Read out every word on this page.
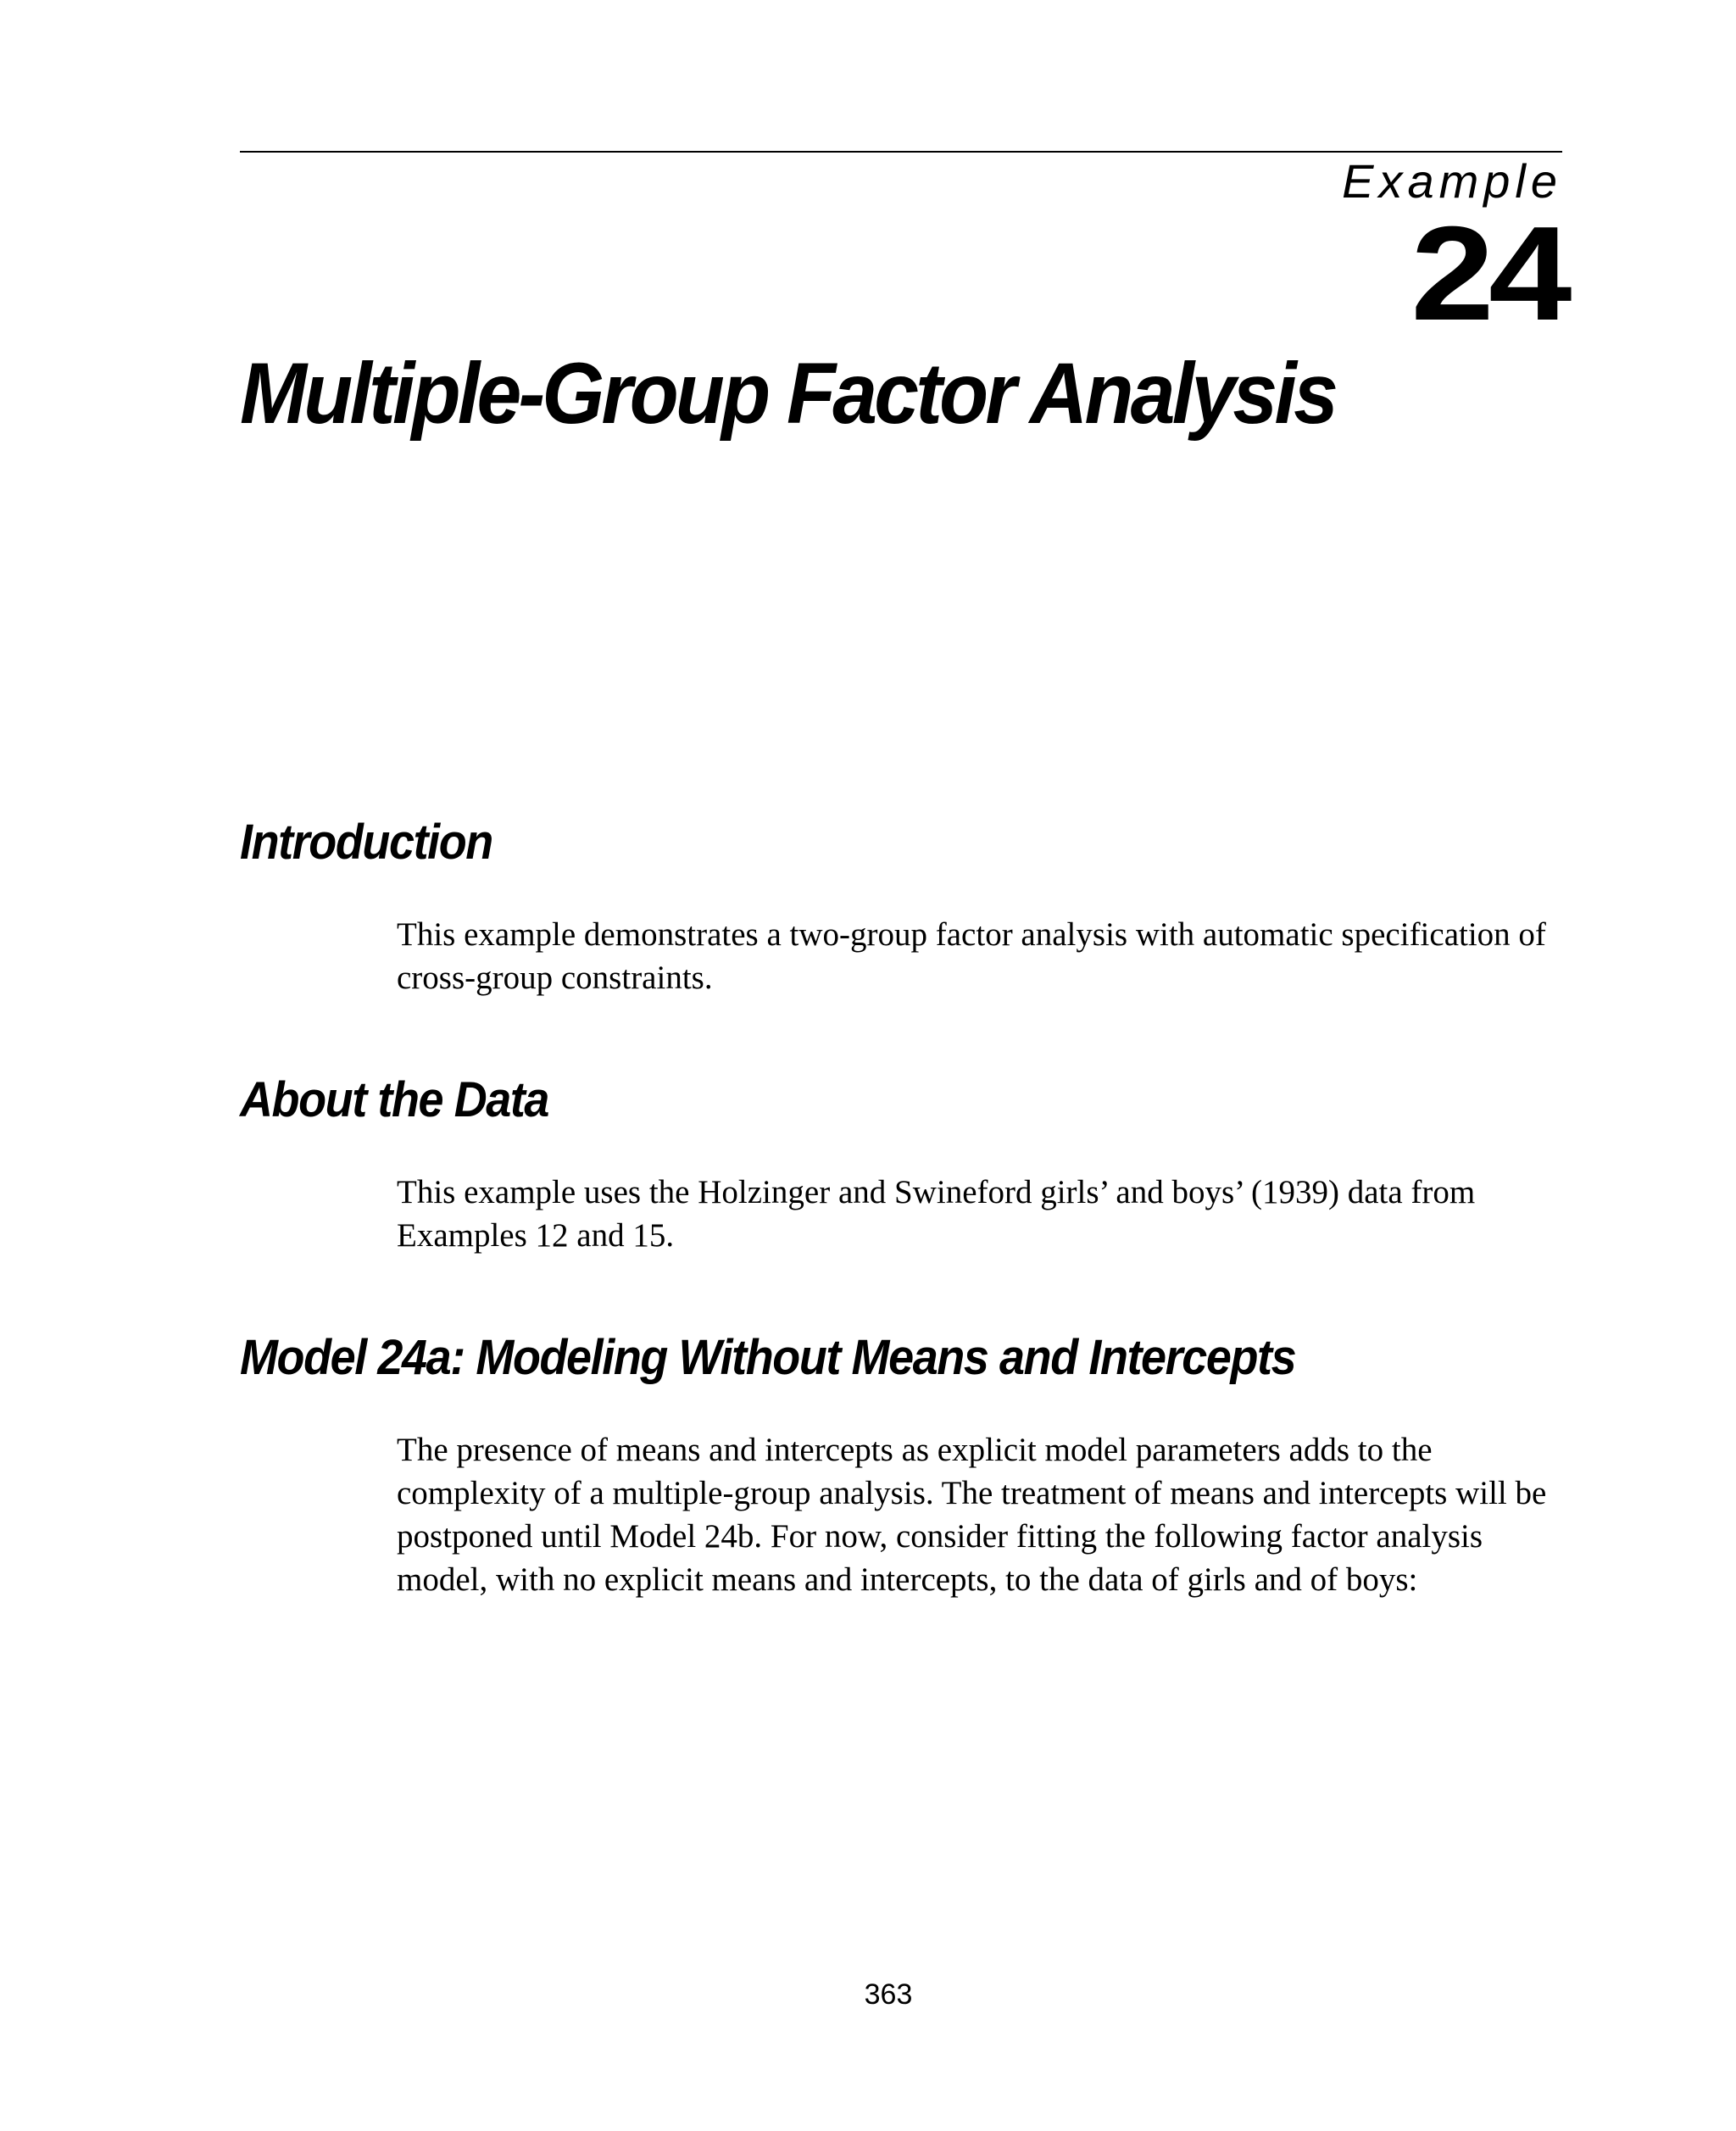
Example
24
Multiple-Group Factor Analysis
Introduction

This example demonstrates a two-group factor analysis with automatic specification of cross-group constraints.

About the Data

This example uses the Holzinger and Swineford girls’ and boys’ (1939) data from Examples 12 and 15.

Model 24a: Modeling Without Means and Intercepts

The presence of means and intercepts as explicit model parameters adds to the complexity of a multiple-group analysis. The treatment of means and intercepts will be postponed until Model 24b. For now, consider fitting the following factor analysis model, with no explicit means and intercepts, to the data of girls and of boys:

363
